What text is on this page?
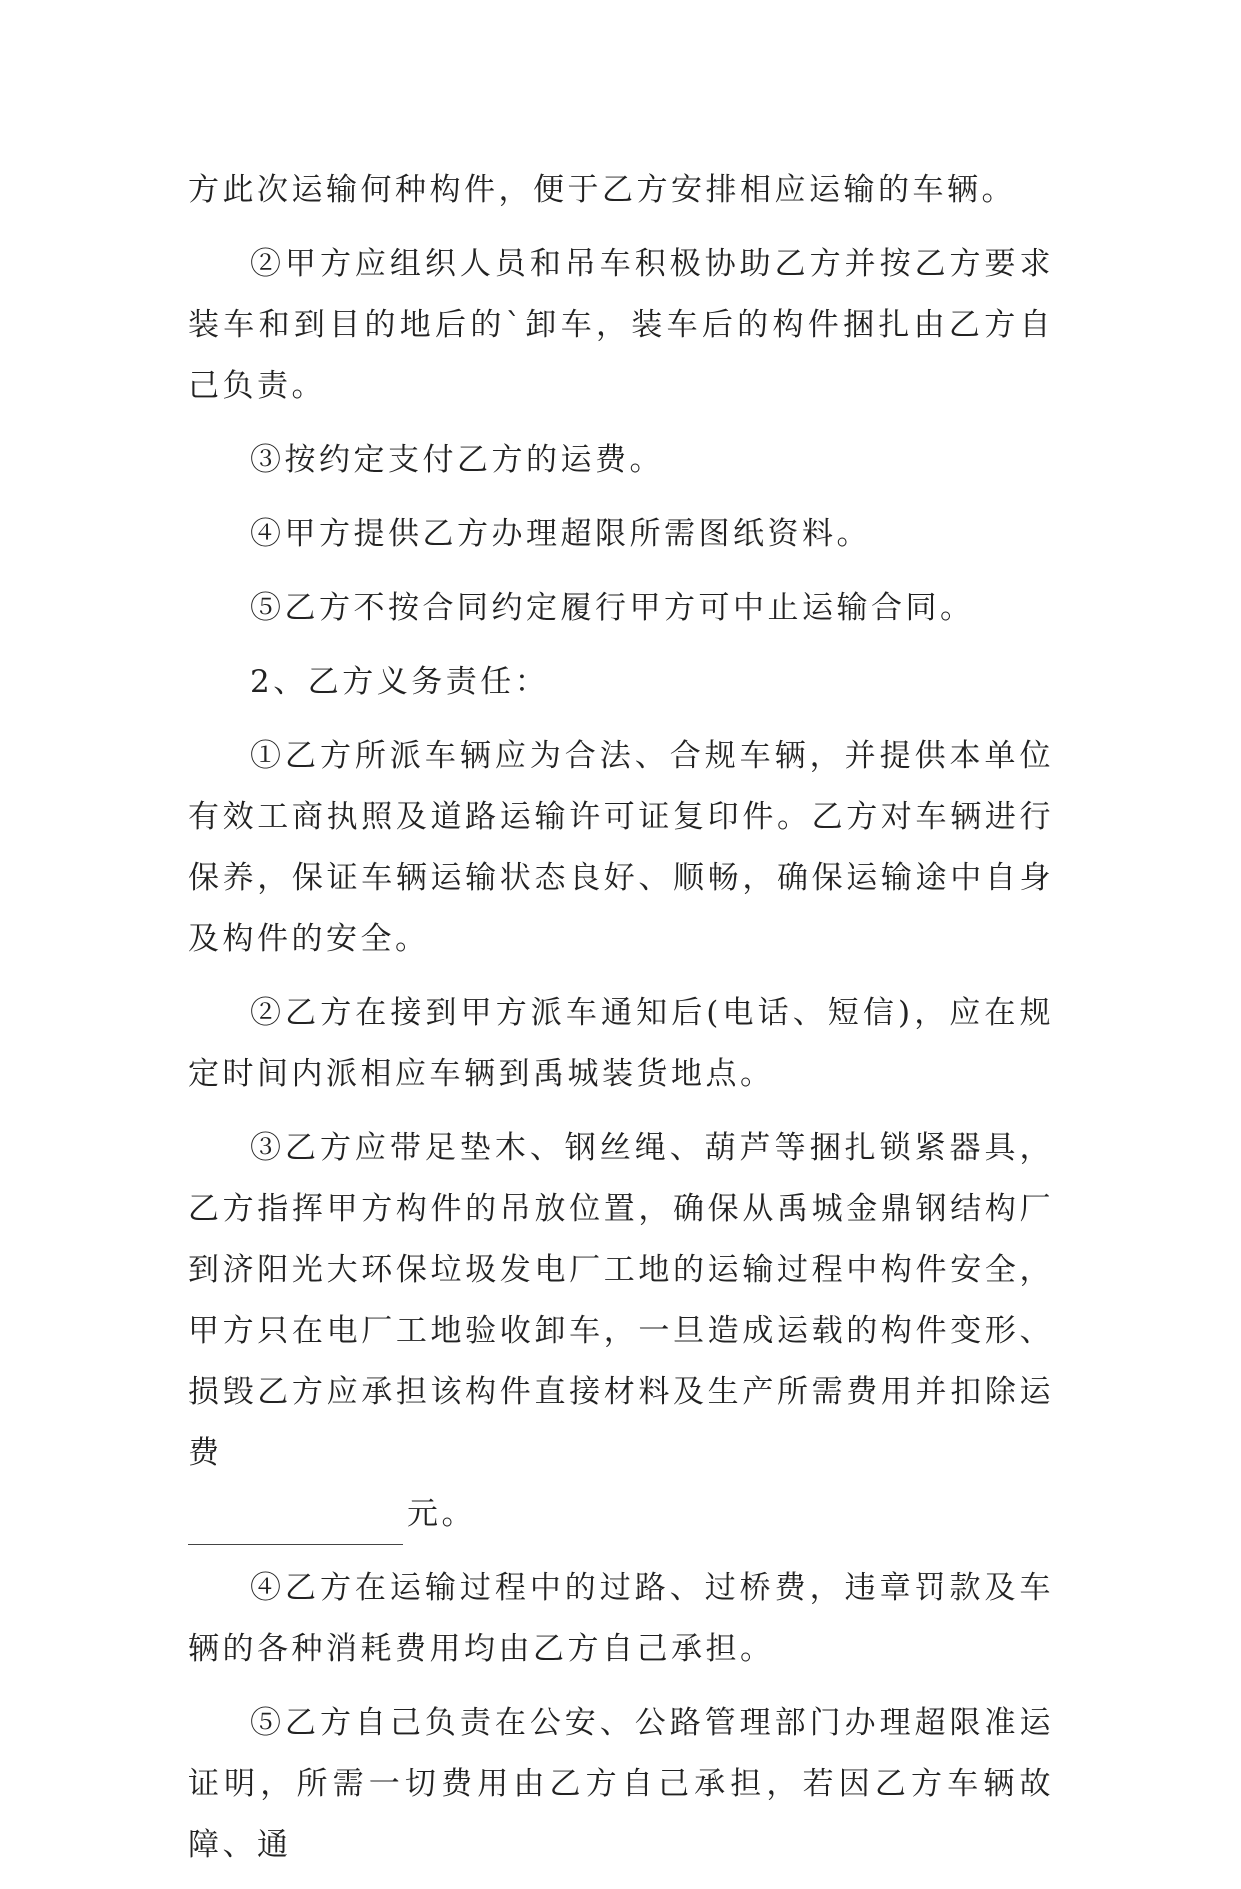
方此次运输何种构件，便于乙方安排相应运输的车辆。

②甲方应组织人员和吊车积极协助乙方并按乙方要求装车和到目的地后的`卸车，装车后的构件捆扎由乙方自己负责。

③按约定支付乙方的运费。

④甲方提供乙方办理超限所需图纸资料。

⑤乙方不按合同约定履行甲方可中止运输合同。

2、乙方义务责任：

①乙方所派车辆应为合法、合规车辆，并提供本单位有效工商执照及道路运输许可证复印件。乙方对车辆进行保养，保证车辆运输状态良好、顺畅，确保运输途中自身及构件的安全。

②乙方在接到甲方派车通知后(电话、短信)，应在规定时间内派相应车辆到禹城装货地点。

③乙方应带足垫木、钢丝绳、葫芦等捆扎锁紧器具，乙方指挥甲方构件的吊放位置，确保从禹城金鼎钢结构厂到济阳光大环保垃圾发电厂工地的运输过程中构件安全，甲方只在电厂工地验收卸车，一旦造成运载的构件变形、损毁乙方应承担该构件直接材料及生产所需费用并扣除运费
元。

④乙方在运输过程中的过路、过桥费，违章罚款及车辆的各种消耗费用均由乙方自己承担。

⑤乙方自己负责在公安、公路管理部门办理超限准运证明，所需一切费用由乙方自己承担，若因乙方车辆故障、通
